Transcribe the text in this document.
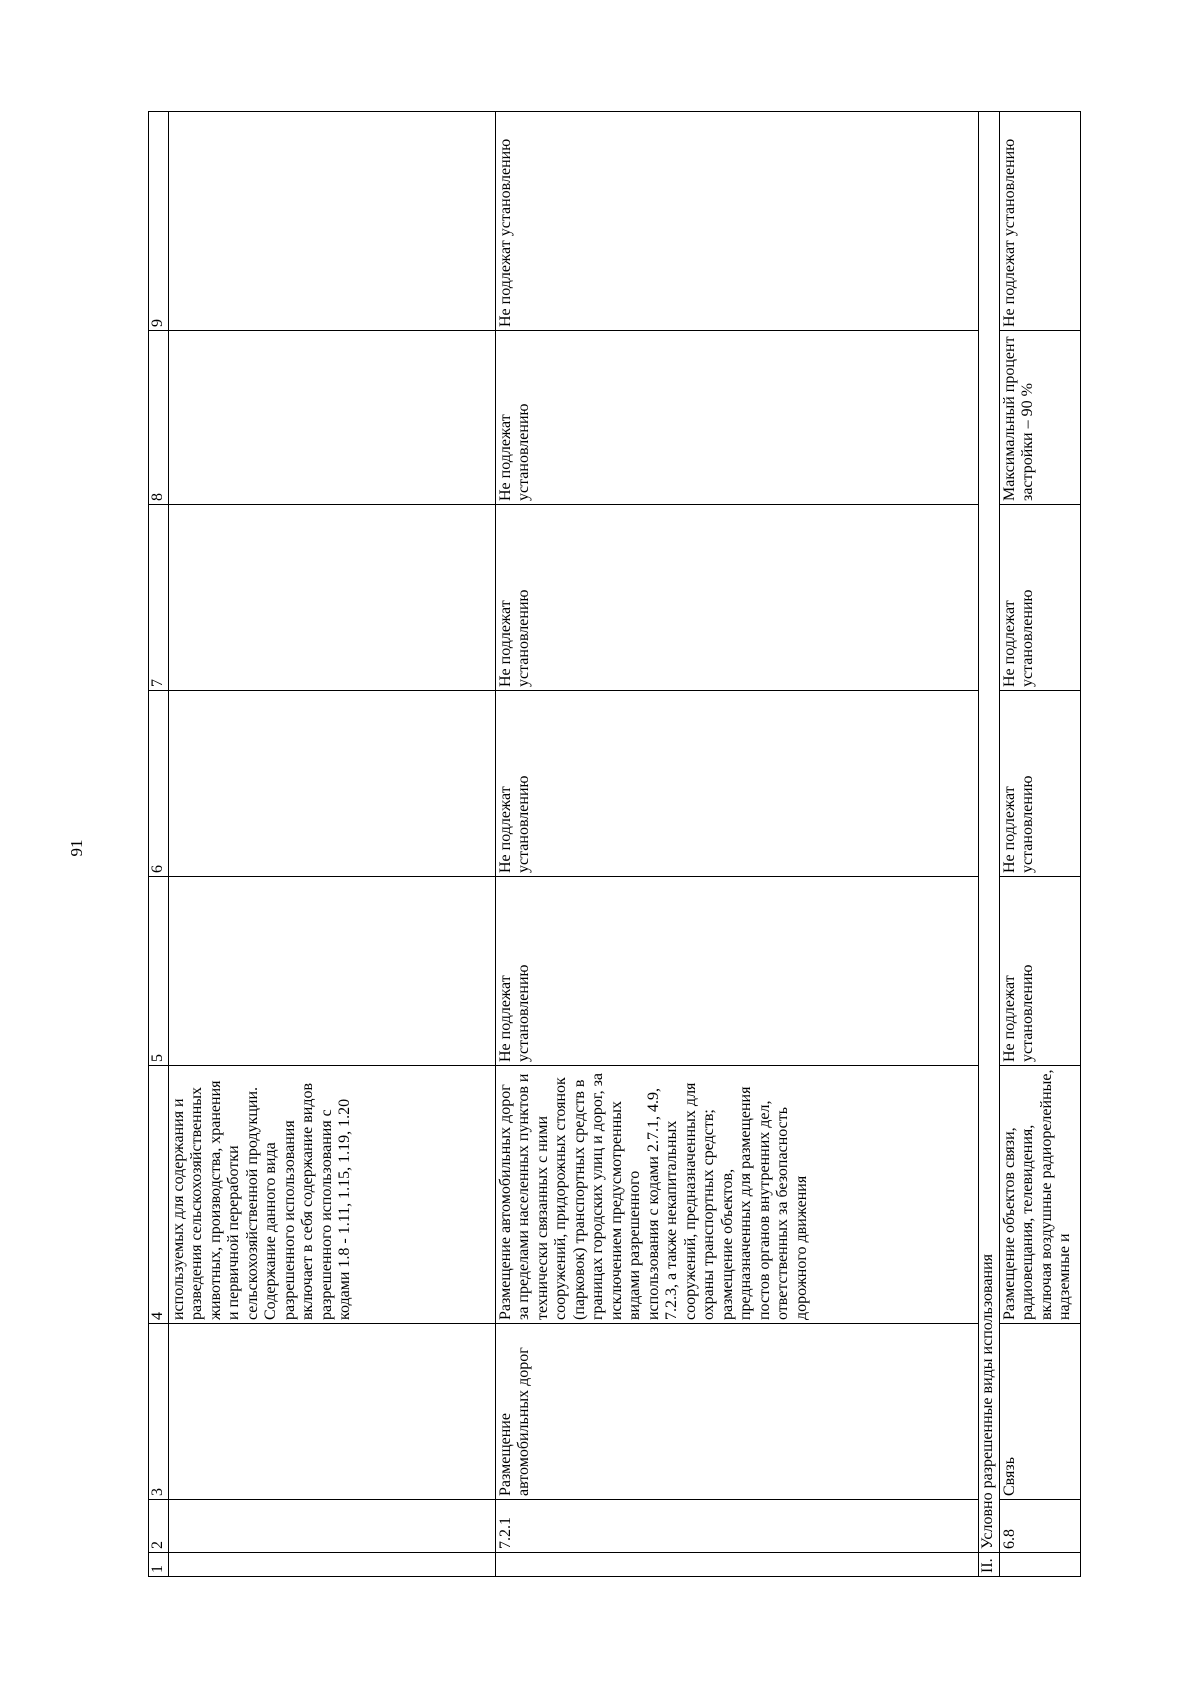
91
1	2	3	4	5	6	7	8	9
			используемых для содержания и разведения сельскохозяйственных животных, производства, хранения и первичной переработки сельскохозяйственной продукции. Содержание данного вида разрешенного использования включает в себя содержание видов разрешенного использования с кодами 1.8 - 1.11, 1.15, 1.19, 1.20					
	7.2.1	Размещение автомобильных дорог	Размещение автомобильных дорог за пределами населенных пунктов и технически связанных с ними сооружений, придорожных стоянок (парковок) транспортных средств в границах городских улиц и дорог, за исключением предусмотренных видами разрешенного использования с кодами 2.7.1, 4.9, 7.2.3, а также некапитальных сооружений, предназначенных для охраны транспортных средств; размещение объектов, предназначенных для размещения постов органов внутренних дел, ответственных за безопасность дорожного движения	Не подлежат установлению	Не подлежат установлению	Не подлежат установлению	Не подлежат установлению	Не подлежат установлению
II.	Условно разрешенные виды использования							
	6.8	Связь	Размещение объектов связи, радиовещания, телевидения, включая воздушные радиорелейные, надземные и	Не подлежат установлению	Не подлежат установлению	Не подлежат установлению	Максимальный процент застройки – 90 %	Не подлежат установлению
